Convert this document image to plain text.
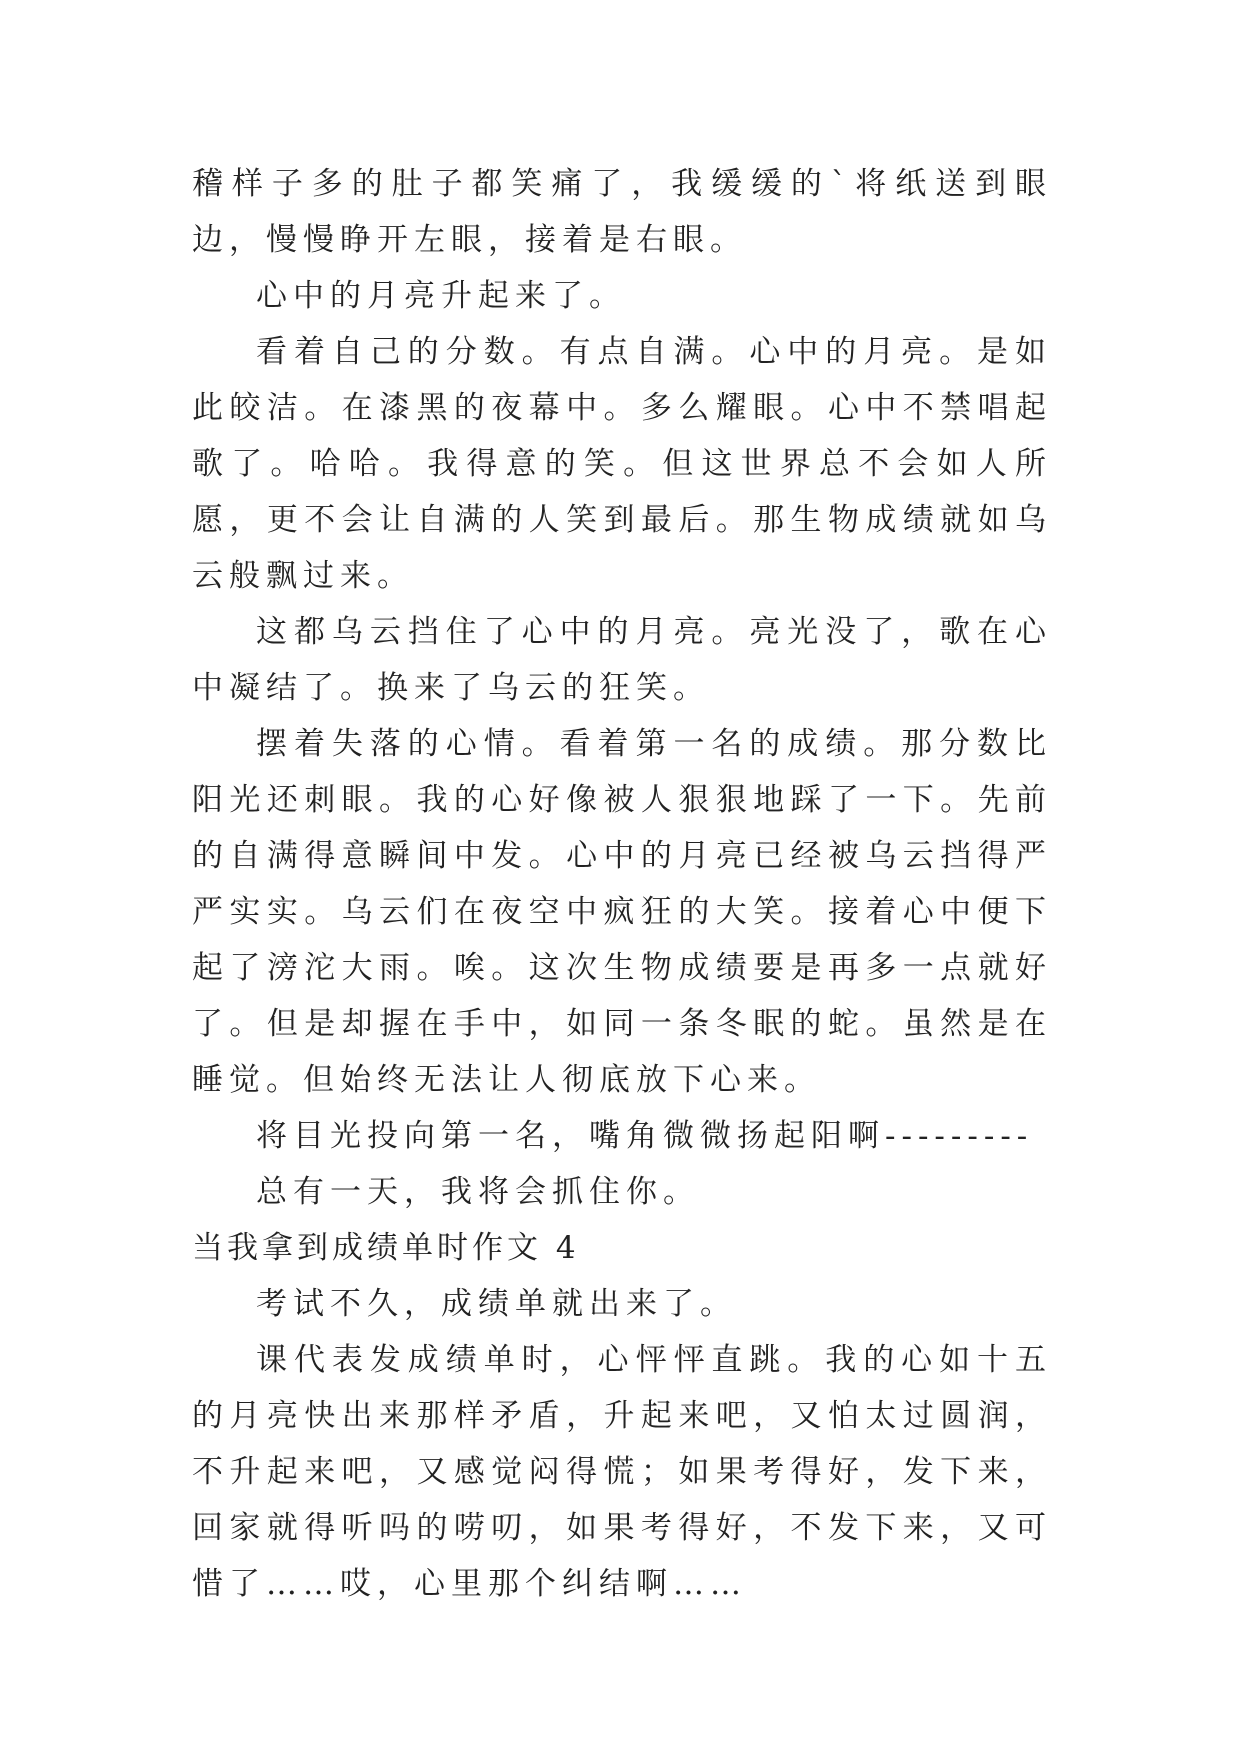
稽样子多的肚子都笑痛了，我缓缓的`将纸送到眼边，慢慢睁开左眼，接着是右眼。

心中的月亮升起来了。

看着自己的分数。有点自满。心中的月亮。是如此皎洁。在漆黑的夜幕中。多么耀眼。心中不禁唱起歌了。哈哈。我得意的笑。但这世界总不会如人所愿，更不会让自满的人笑到最后。那生物成绩就如乌云般飘过来。

这都乌云挡住了心中的月亮。亮光没了，歌在心中凝结了。换来了乌云的狂笑。

摆着失落的心情。看着第一名的成绩。那分数比阳光还刺眼。我的心好像被人狠狠地踩了一下。先前的自满得意瞬间中发。心中的月亮已经被乌云挡得严严实实。乌云们在夜空中疯狂的大笑。接着心中便下起了滂沱大雨。唉。这次生物成绩要是再多一点就好了。但是却握在手中，如同一条冬眠的蛇。虽然是在睡觉。但始终无法让人彻底放下心来。

将目光投向第一名，嘴角微微扬起阳啊---------

总有一天，我将会抓住你。

当我拿到成绩单时作文 4

考试不久，成绩单就出来了。

课代表发成绩单时，心怦怦直跳。我的心如十五的月亮快出来那样矛盾，升起来吧，又怕太过圆润，不升起来吧，又感觉闷得慌；如果考得好，发下来，回家就得听吗的唠叨，如果考得好，不发下来，又可惜了……哎，心里那个纠结啊……
